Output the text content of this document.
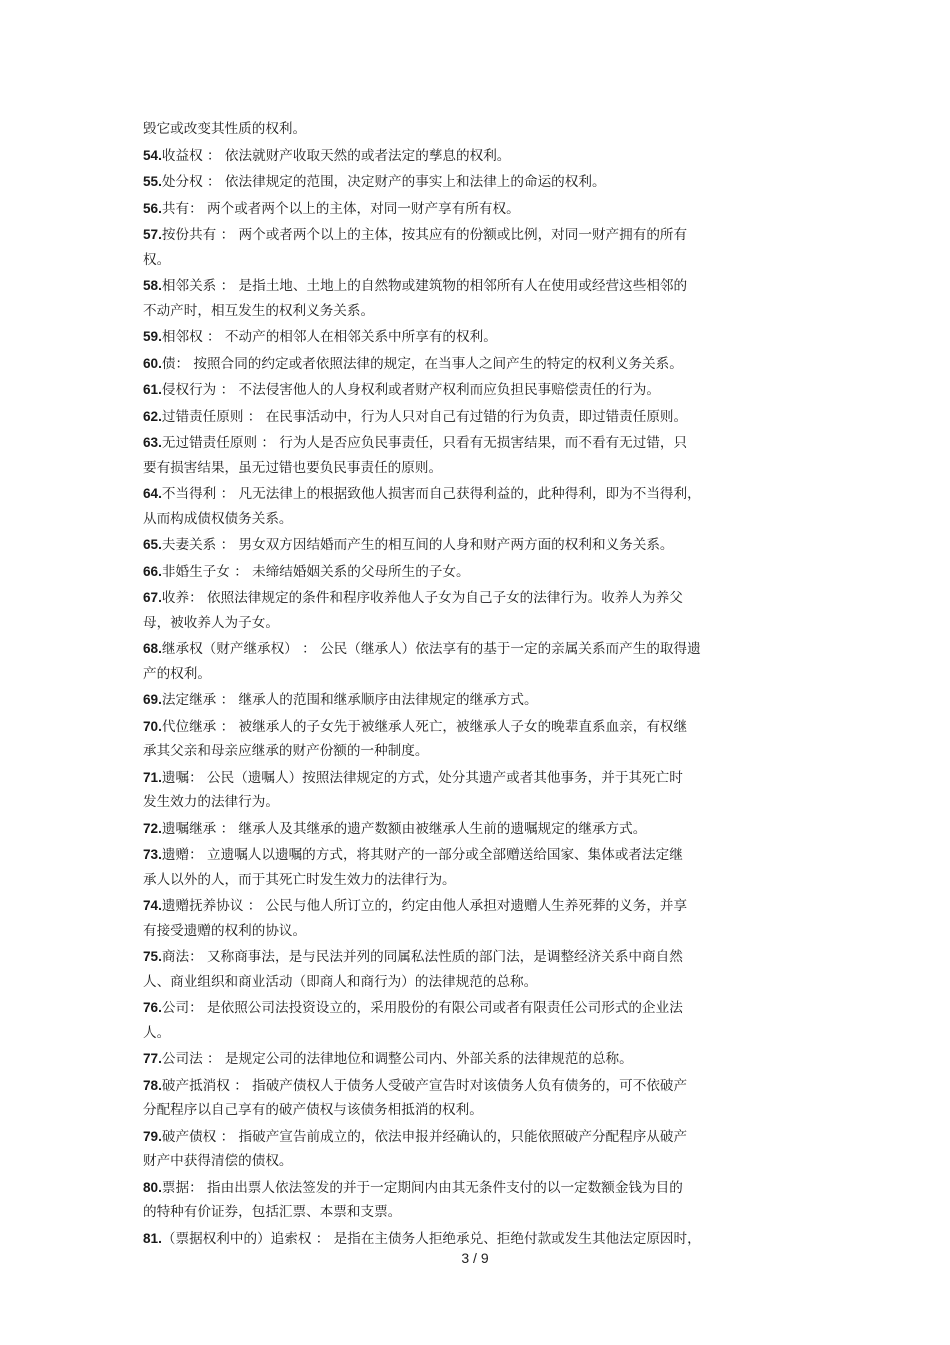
毁它或改变其性质的权利。
54.收益权 ： 依法就财产收取天然的或者法定的孳息的权利。
55.处分权 ： 依法律规定的范围，决定财产的事实上和法律上的命运的权利。
56.共有： 两个或者两个以上的主体，对同一财产享有所有权。
57.按份共有 ： 两个或者两个以上的主体，按其应有的份额或比例，对同一财产拥有的所有
权。
58.相邻关系 ： 是指土地、土地上的自然物或建筑物的相邻所有人在使用或经营这些相邻的
不动产时，相互发生的权利义务关系。
59.相邻权 ： 不动产的相邻人在相邻关系中所享有的权利。
60.债： 按照合同的约定或者依照法律的规定，在当事人之间产生的特定的权利义务关系。
61.侵权行为 ： 不法侵害他人的人身权利或者财产权利而应负担民事赔偿责任的行为。
62.过错责任原则 ： 在民事活动中，行为人只对自己有过错的行为负责，即过错责任原则。
63.无过错责任原则 ： 行为人是否应负民事责任，只看有无损害结果，而不看有无过错，只
要有损害结果，虽无过错也要负民事责任的原则。
64.不当得利 ： 凡无法律上的根据致他人损害而自己获得利益的，此种得利，即为不当得利，
从而构成债权债务关系。
65.夫妻关系 ： 男女双方因结婚而产生的相互间的人身和财产两方面的权利和义务关系。
66.非婚生子女 ： 未缔结婚姻关系的父母所生的子女。
67.收养： 依照法律规定的条件和程序收养他人子女为自己子女的法律行为。收养人为养父
母，被收养人为子女。
68.继承权（财产继承权） ： 公民（继承人）依法享有的基于一定的亲属关系而产生的取得遗
产的权利。
69.法定继承 ： 继承人的范围和继承顺序由法律规定的继承方式。
70.代位继承 ： 被继承人的子女先于被继承人死亡，被继承人子女的晚辈直系血亲，有权继
承其父亲和母亲应继承的财产份额的一种制度。
71.遗嘱： 公民（遗嘱人）按照法律规定的方式，处分其遗产或者其他事务，并于其死亡时
发生效力的法律行为。
72.遗嘱继承 ： 继承人及其继承的遗产数额由被继承人生前的遗嘱规定的继承方式。
73.遗赠： 立遗嘱人以遗嘱的方式，将其财产的一部分或全部赠送给国家、集体或者法定继
承人以外的人，而于其死亡时发生效力的法律行为。
74.遗赠抚养协议 ： 公民与他人所订立的，约定由他人承担对遗赠人生养死葬的义务，并享
有接受遗赠的权利的协议。
75.商法： 又称商事法，是与民法并列的同属私法性质的部门法，是调整经济关系中商自然
人、商业组织和商业活动（即商人和商行为）的法律规范的总称。
76.公司： 是依照公司法投资设立的，采用股份的有限公司或者有限责任公司形式的企业法
人。
77.公司法 ： 是规定公司的法律地位和调整公司内、外部关系的法律规范的总称。
78.破产抵消权 ： 指破产债权人于债务人受破产宣告时对该债务人负有债务的，可不依破产
分配程序以自己享有的破产债权与该债务相抵消的权利。
79.破产债权 ： 指破产宣告前成立的，依法申报并经确认的，只能依照破产分配程序从破产
财产中获得清偿的债权。
80.票据： 指由出票人依法签发的并于一定期间内由其无条件支付的以一定数额金钱为目的
的特种有价证券，包括汇票、本票和支票。
81.（票据权利中的）追索权 ： 是指在主债务人拒绝承兑、拒绝付款或发生其他法定原因时，
3 / 9
